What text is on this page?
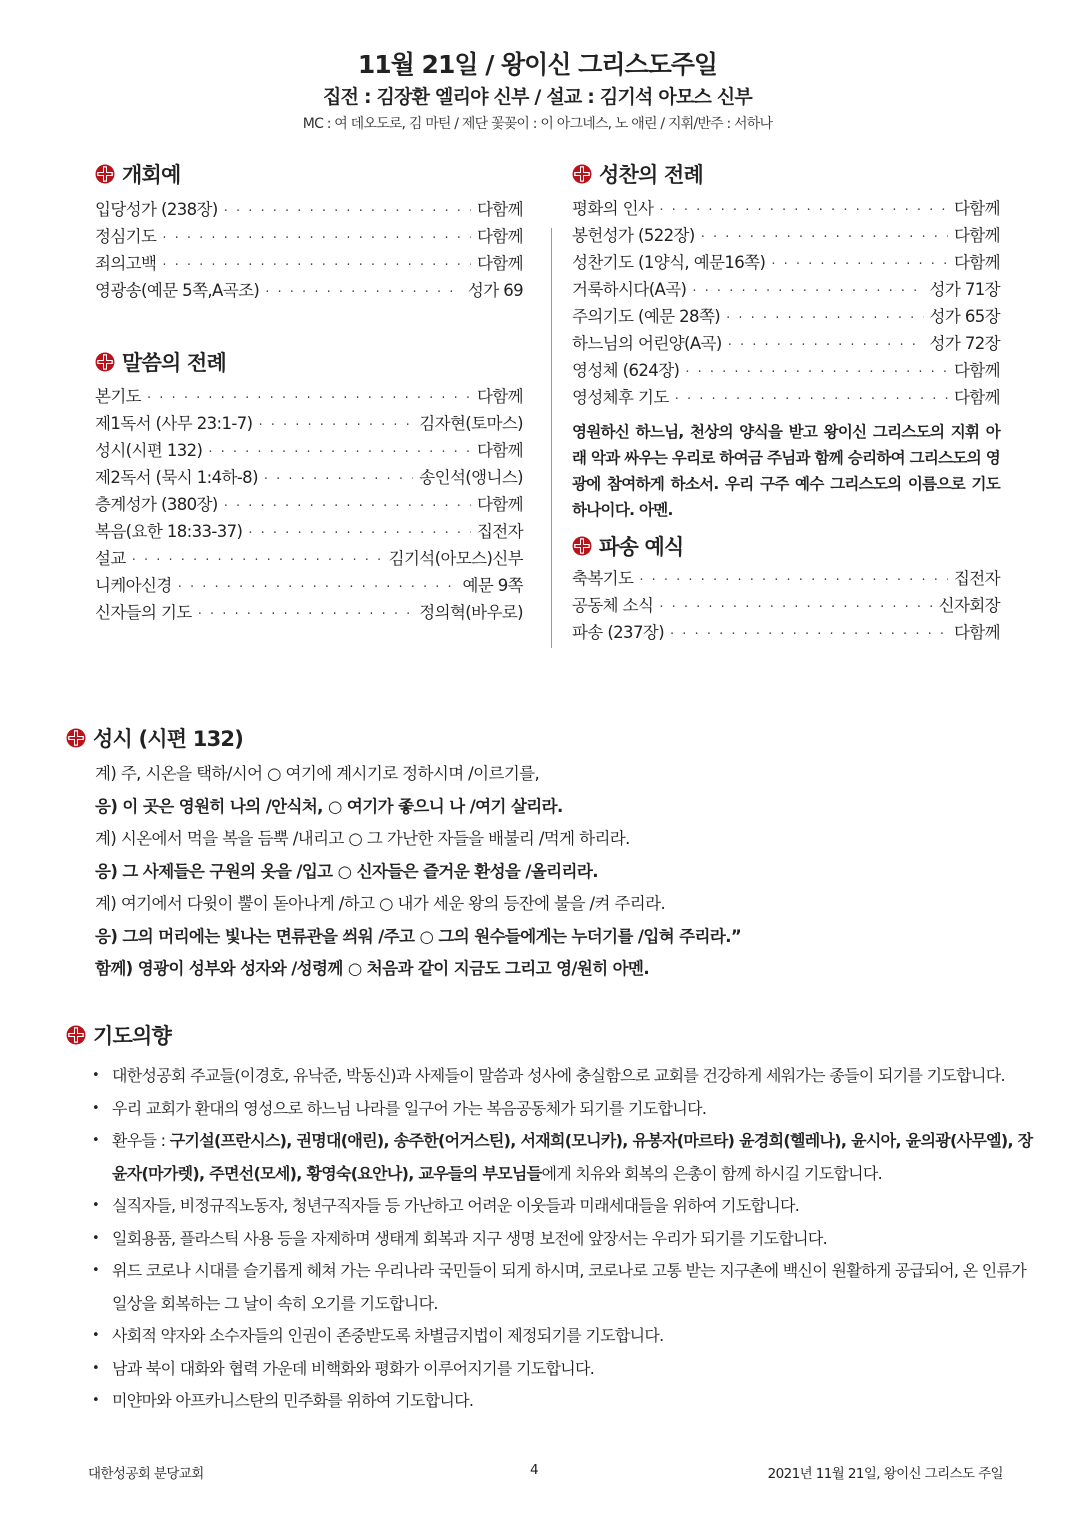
11월 21일 / 왕이신 그리스도주일
집전 : 김장환 엘리야 신부 / 설교 : 김기석 아모스 신부
MC : 여 데오도로, 김 마틴 / 제단 꽃꽂이 : 이 아그네스, 노 애린 / 지휘/반주 : 서하나
개회예
입당성가 (238장) · · ·	다함께
정심기도 · · ·	다함께
죄의고백 · · ·	다함께
영광송(예문 5쪽,A곡조) · · ·	성가 69
말씀의 전례
본기도 · · ·	다함께
제1독서 (사무 23:1-7) · · ·	김자현(토마스)
성시(시편 132) · · ·	다함께
제2독서 (묵시 1:4하-8) · · ·	송인석(앵니스)
층계성가 (380장) · · ·	다함께
복음(요한 18:33-37) · · ·	집전자
설교 · · ·	김기석(아모스)신부
니케아신경 · · ·	예문 9쪽
신자들의 기도 · · ·	정의혁(바우로)
성찬의 전례
평화의 인사 · · ·	다함께
봉헌성가 (522장) · · ·	다함께
성찬기도 (1양식, 예문16쪽) · · ·	다함께
거룩하시다(A곡) · · ·	성가 71장
주의기도 (예문 28쪽) · · ·	성가 65장
하느님의 어린양(A곡) · · ·	성가 72장
영성체 (624장) · · ·	다함께
영성체후 기도 · · ·	다함께
영원하신 하느님, 천상의 양식을 받고 왕이신 그리스도의 지휘 아래 악과 싸우는 우리로 하여금 주님과 함께 승리하여 그리스도의 영광에 참여하게 하소서. 우리 구주 예수 그리스도의 이름으로 기도하나이다. 아멘.
파송 예식
축복기도 · · ·	집전자
공동체 소식 · · ·	신자회장
파송 (237장) · · ·	다함께
성시 (시편 132)
계) 주, 시온을 택하/시어 ○ 여기에 계시기로 정하시며 /이르기를,
응) 이 곳은 영원히 나의 /안식처, ○ 여기가 좋으니 나 /여기 살리라.
계) 시온에서 먹을 복을 듬뿍 /내리고 ○ 그 가난한 자들을 배불리 /먹게 하리라.
응) 그 사제들은 구원의 옷을 /입고 ○ 신자들은 즐거운 환성을 /올리리라.
계) 여기에서 다윗이 뿔이 돋아나게 /하고 ○ 내가 세운 왕의 등잔에 불을 /켜 주리라.
응) 그의 머리에는 빛나는 면류관을 씌워 /주고 ○ 그의 원수들에게는 누더기를 /입혀 주리라.”
함께) 영광이 성부와 성자와 /성령께 ○ 처음과 같이 지금도 그리고 영/원히 아멘.
기도의향
• 대한성공회 주교들(이경호, 유낙준, 박동신)과 사제들이 말씀과 성사에 충실함으로 교회를 건강하게 세워가는 종들이 되기를 기도합니다.
• 우리 교회가 환대의 영성으로 하느님 나라를 일구어 가는 복음공동체가 되기를 기도합니다.
• 환우들 : 구기설(프란시스), 권명대(애린), 송주한(어거스틴), 서재희(모니카), 유봉자(마르타) 윤경희(헬레나), 윤시아, 윤의광(사무엘), 장윤자(마가렛), 주면선(모세), 황영숙(요안나), 교우들의 부모님들에게 치유와 회복의 은총이 함께 하시길 기도합니다.
• 실직자들, 비정규직노동자, 청년구직자들 등 가난하고 어려운 이웃들과 미래세대들을 위하여 기도합니다.
• 일회용품, 플라스틱 사용 등을 자제하며 생태계 회복과 지구 생명 보전에 앞장서는 우리가 되기를 기도합니다.
• 위드 코로나 시대를 슬기롭게 헤쳐 가는 우리나라 국민들이 되게 하시며, 코로나로 고통 받는 지구촌에 백신이 원활하게 공급되어, 온 인류가 일상을 회복하는 그 날이 속히 오기를 기도합니다.
• 사회적 약자와 소수자들의 인권이 존중받도록 차별금지법이 제정되기를 기도합니다.
• 남과 북이 대화와 협력 가운데 비핵화와 평화가 이루어지기를 기도합니다.
• 미얀마와 아프카니스탄의 민주화를 위하여 기도합니다.
대한성공회 분당교회	4	2021년 11월 21일, 왕이신 그리스도 주일
